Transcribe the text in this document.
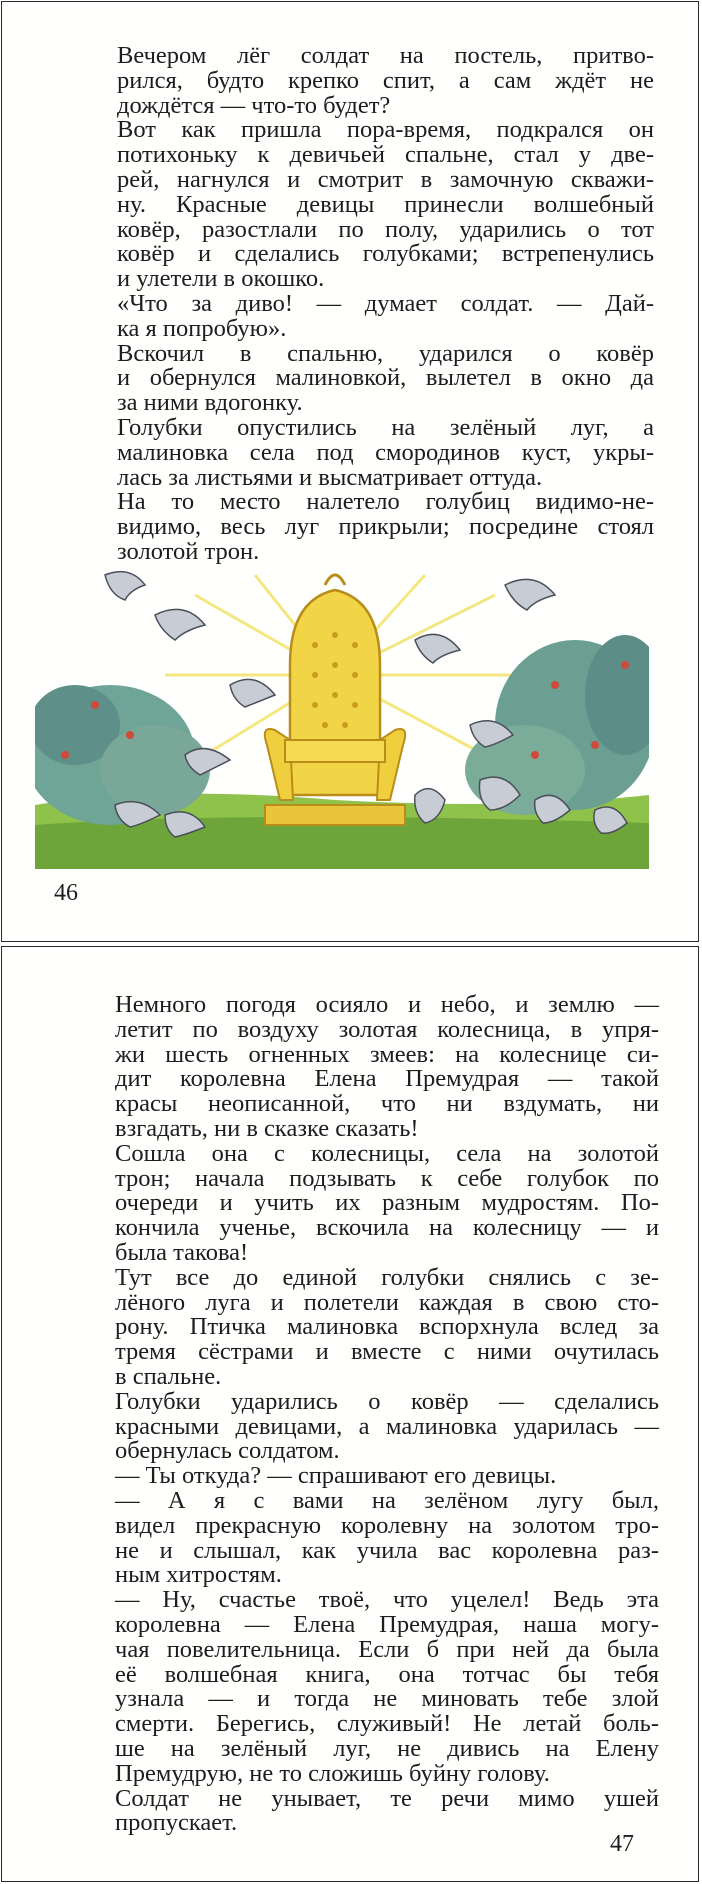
Вечером лёг солдат на постель, притво-
рился, будто крепко спит, а сам ждёт не
дождётся — что-то будет?

Вот как пришла пора-время, подкрался он
потихоньку к девичьей спальне, стал у две-
рей, нагнулся и смотрит в замочную скважи-
ну. Красные девицы принесли волшебный
ковёр, разостлали по полу, ударились о тот
ковёр и сделались голубками; встрепенулись
и улетели в окошко.

«Что за диво! — думает солдат. — Дай-
ка я попробую».

Вскочил в спальню, ударился о ковёр
и обернулся малиновкой, вылетел в окно да
за ними вдогонку.

Голубки опустились на зелёный луг, а
малиновка села под смородинов куст, укры-
лась за листьями и высматривает оттуда.

На то место налетело голубиц видимо-не-
видимо, весь луг прикрыли; посредине стоял
золотой трон.

46

Немного погодя осияло и небо, и землю —
летит по воздуху золотая колесница, в упря-
жи шесть огненных змеев: на колеснице си-
дит королевна Елена Премудрая — такой
красы неописанной, что ни вздумать, ни
взгадать, ни в сказке сказать!

Сошла она с колесницы, села на золотой
трон; начала подзывать к себе голубок по
очереди и учить их разным мудростям. По-
кончила ученье, вскочила на колесницу — и
была такова!

Тут все до единой голубки снялись с зе-
лёного луга и полетели каждая в свою сто-
рону. Птичка малиновка вспорхнула вслед за
тремя сёстрами и вместе с ними очутилась
в спальне.

Голубки ударились о ковёр — сделались
красными девицами, а малиновка ударилась —
обернулась солдатом.

— Ты откуда? — спрашивают его девицы.

— А я с вами на зелёном лугу был,
видел прекрасную королевну на золотом тро-
не и слышал, как учила вас королевна раз-
ным хитростям.

— Ну, счастье твоё, что уцелел! Ведь эта
королевна — Елена Премудрая, наша могу-
чая повелительница. Если б при ней да была
её волшебная книга, она тотчас бы тебя
узнала — и тогда не миновать тебе злой
смерти. Берегись, служивый! Не летай боль-
ше на зелёный луг, не дивись на Елену
Премудрую, не то сложишь буйну голову.

Солдат не унывает, те речи мимо ушей
пропускает.

47
